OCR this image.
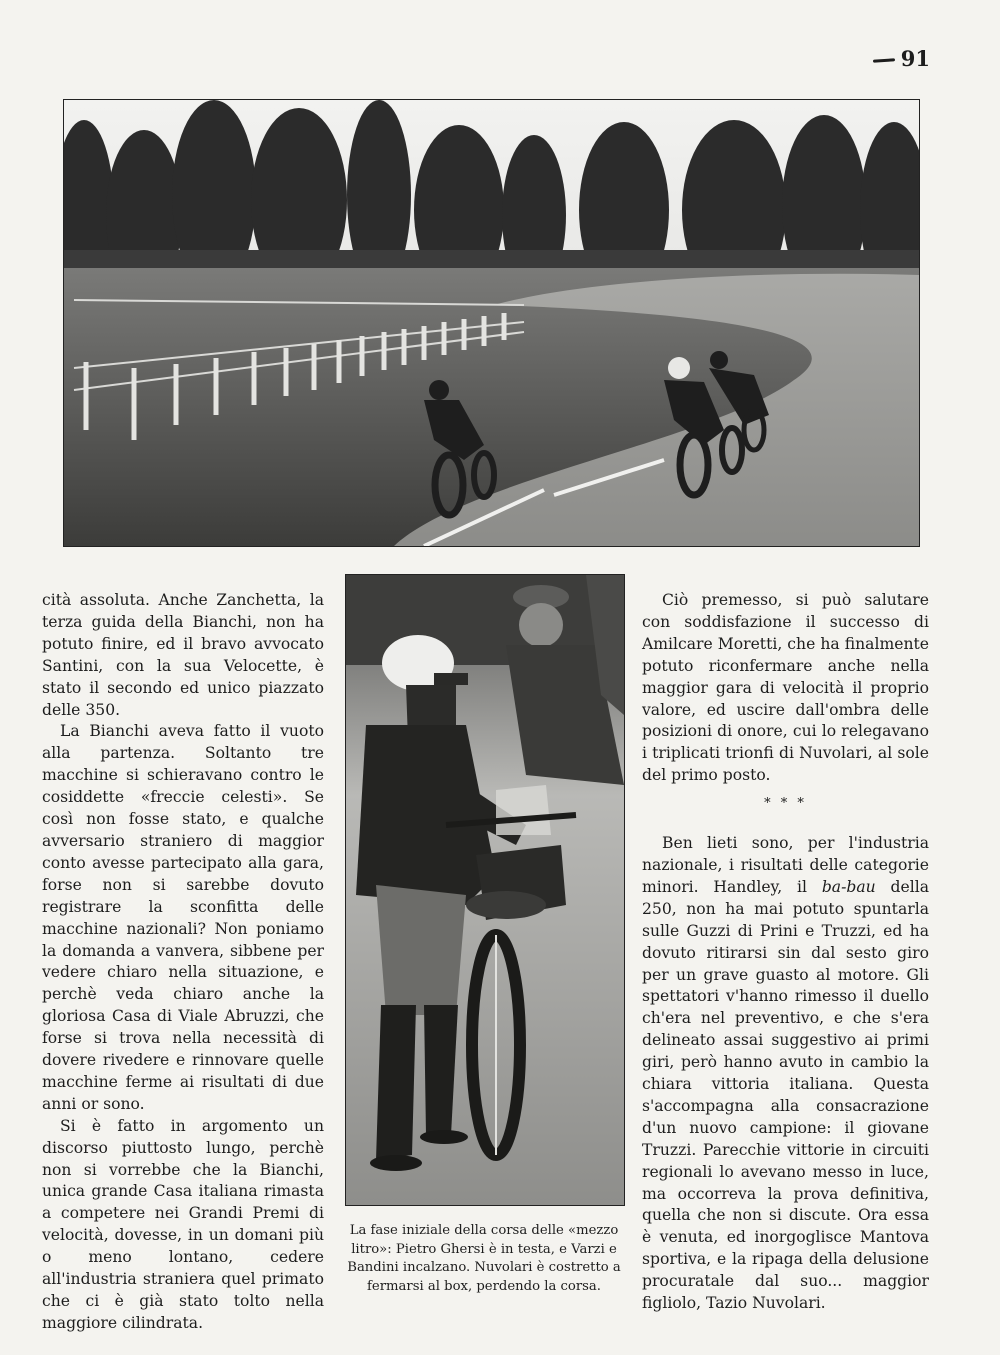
91

cità assoluta. Anche Zanchetta, la terza guida della Bianchi, non ha potuto finire, ed il bravo avvocato Santini, con la sua Velocette, è stato il secondo ed unico piazzato delle 350.

La Bianchi aveva fatto il vuoto alla partenza. Soltanto tre macchine si schieravano contro le cosiddette «freccie celesti». Se così non fosse stato, e qualche avversario straniero di maggior conto avesse partecipato alla gara, forse non si sarebbe dovuto registrare la sconfitta delle macchine nazionali? Non poniamo la domanda a vanvera, sibbene per vedere chiaro nella situazione, e perchè veda chiaro anche la gloriosa Casa di Viale Abruzzi, che forse si trova nella necessità di dovere rivedere e rinnovare quelle macchine ferme ai risultati di due anni or sono.

Si è fatto in argomento un discorso piuttosto lungo, perchè non si vorrebbe che la Bianchi, unica grande Casa italiana rimasta a competere nei Grandi Premi di velocità, dovesse, in un domani più o meno lontano, cedere all'industria straniera quel primato che ci è già stato tolto nella maggiore cilindrata.

Ciò premesso, si può salutare con soddisfazione il successo di Amilcare Moretti, che ha finalmente potuto riconfermare anche nella maggior gara di velocità il proprio valore, ed uscire dall'ombra delle posizioni di onore, cui lo relegavano i triplicati trionfi di Nuvolari, al sole del primo posto.

* * *

Ben lieti sono, per l'industria nazionale, i risultati delle categorie minori. Handley, il ba-bau della 250, non ha mai potuto spuntarla sulle Guzzi di Prini e Truzzi, ed ha dovuto ritirarsi sin dal sesto giro per un grave guasto al motore. Gli spettatori v'hanno rimesso il duello ch'era nel preventivo, e che s'era delineato assai suggestivo ai primi giri, però hanno avuto in cambio la chiara vittoria italiana. Questa s'accompagna alla consacrazione d'un nuovo campione: il giovane Truzzi. Parecchie vittorie in circuiti regionali lo avevano messo in luce, ma occorreva la prova definitiva, quella che non si discute. Ora essa è venuta, ed inorgoglisce Mantova sportiva, e la ripaga della delusione procuratale dal suo... maggior figliolo, Tazio Nuvolari.

La fase iniziale della corsa delle «mezzo litro»: Pietro Ghersi è in testa, e Varzi e Bandini incalzano. Nuvolari è costretto a fermarsi al box, perdendo la corsa.
